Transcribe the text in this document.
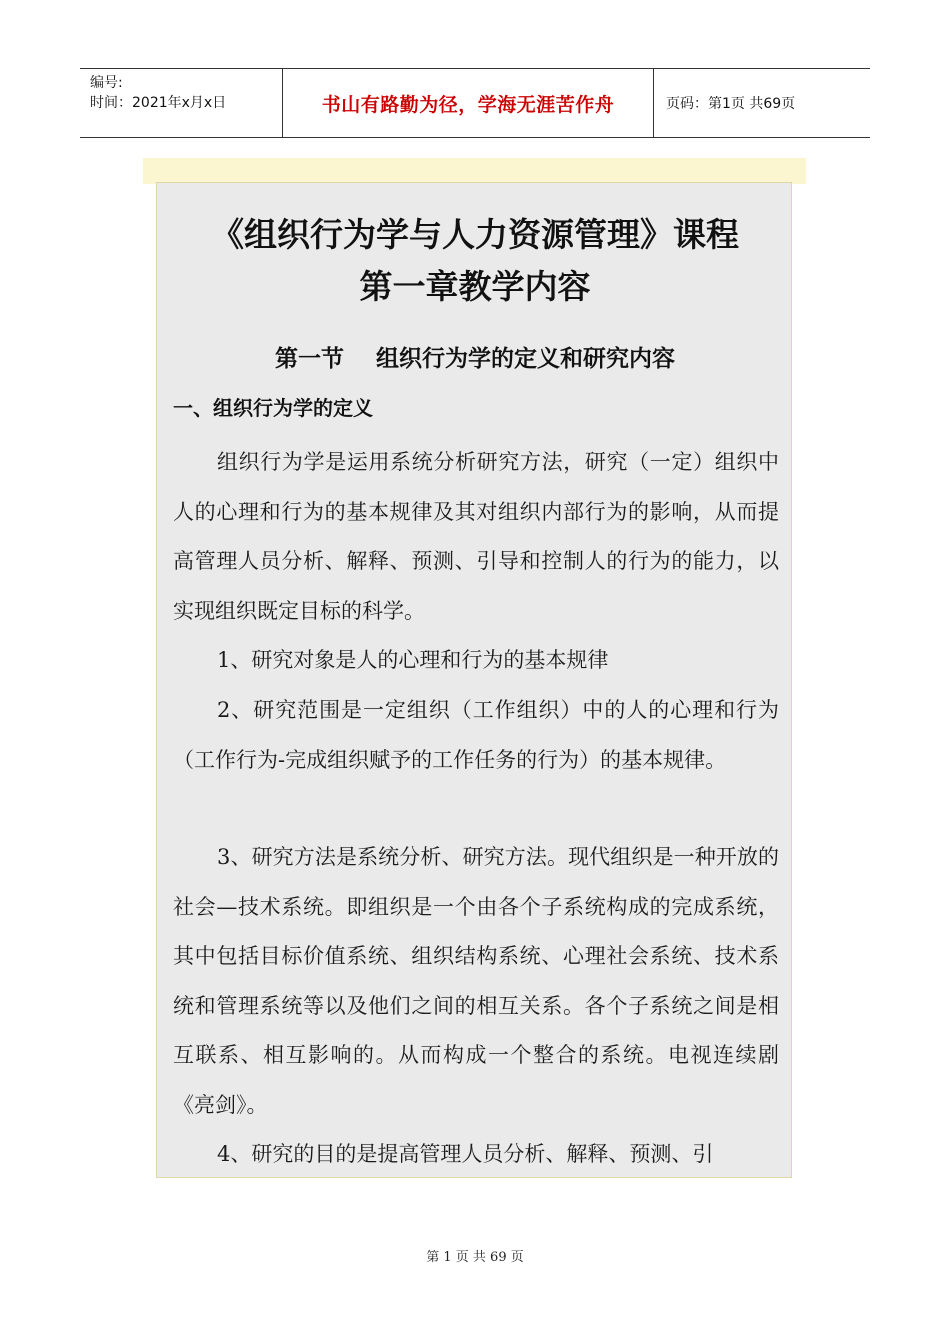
编号:
时间：2021年x月x日	书山有路勤为径，学海无涯苦作舟	页码：第1页 共69页
《组织行为学与人力资源管理》课程
第一章教学内容
第一节    组织行为学的定义和研究内容
一、组织行为学的定义
组织行为学是运用系统分析研究方法，研究（一定）组织中人的心理和行为的基本规律及其对组织内部行为的影响，从而提高管理人员分析、解释、预测、引导和控制人的行为的能力，以实现组织既定目标的科学。
1、研究对象是人的心理和行为的基本规律
2、研究范围是一定组织（工作组织）中的人的心理和行为（工作行为-完成组织赋予的工作任务的行为）的基本规律。
3、研究方法是系统分析、研究方法。现代组织是一种开放的社会—技术系统。即组织是一个由各个子系统构成的完成系统，其中包括目标价值系统、组织结构系统、心理社会系统、技术系统和管理系统等以及他们之间的相互关系。各个子系统之间是相互联系、相互影响的。从而构成一个整合的系统。电视连续剧《亮剑》。
4、研究的目的是提高管理人员分析、解释、预测、引
第 1 页 共 69 页
